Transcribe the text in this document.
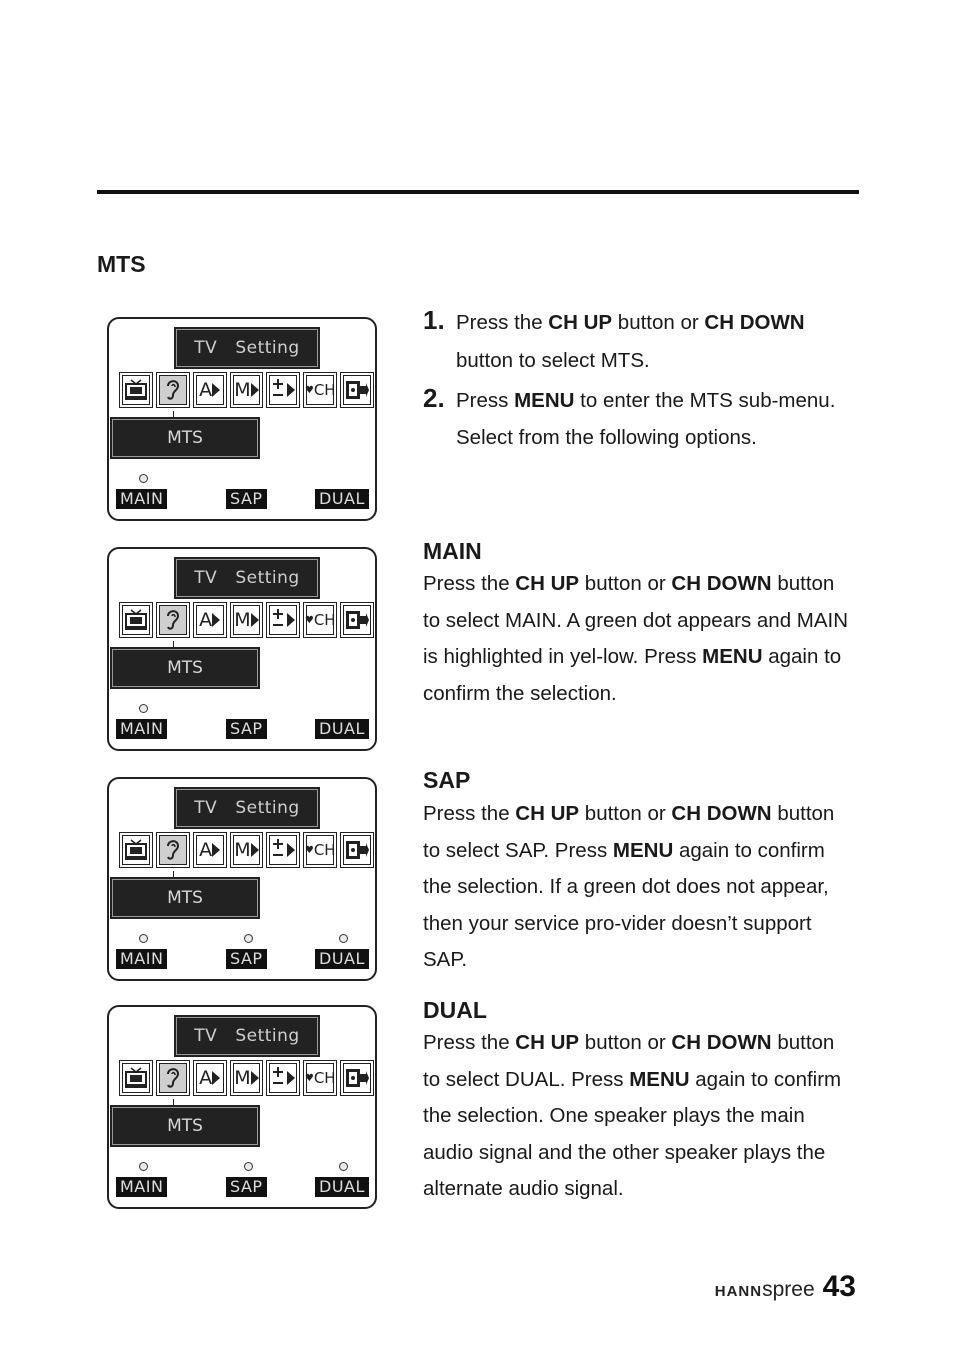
MTS
TV Setting
A M	♥ CH
MTS
MAIN	SAP	DUAL
TV Setting
A M	♥ CH
MTS
MAIN	SAP	DUAL
TV Setting
A M	♥ CH
MTS
MAIN	SAP	DUAL
TV Setting
A M	♥ CH
MTS
MAIN	SAP	DUAL
1. Press the CH UP button or CH DOWN button to select MTS.
2. Press MENU to enter the MTS sub-menu. Select from the following options.
MAIN
Press the CH UP button or CH DOWN button to select MAIN. A green dot appears and MAIN is highlighted in yel-low. Press MENU again to confirm the selection.
SAP
Press the CH UP button or CH DOWN button to select SAP. Press MENU again to confirm the selection. If a green dot does not appear, then your service pro-vider doesn’t support SAP.
DUAL
Press the CH UP button or CH DOWN button to select DUAL. Press MENU again to confirm the selection. One speaker plays the main audio signal and the other speaker plays the alternate audio signal.
HANN spree 43
